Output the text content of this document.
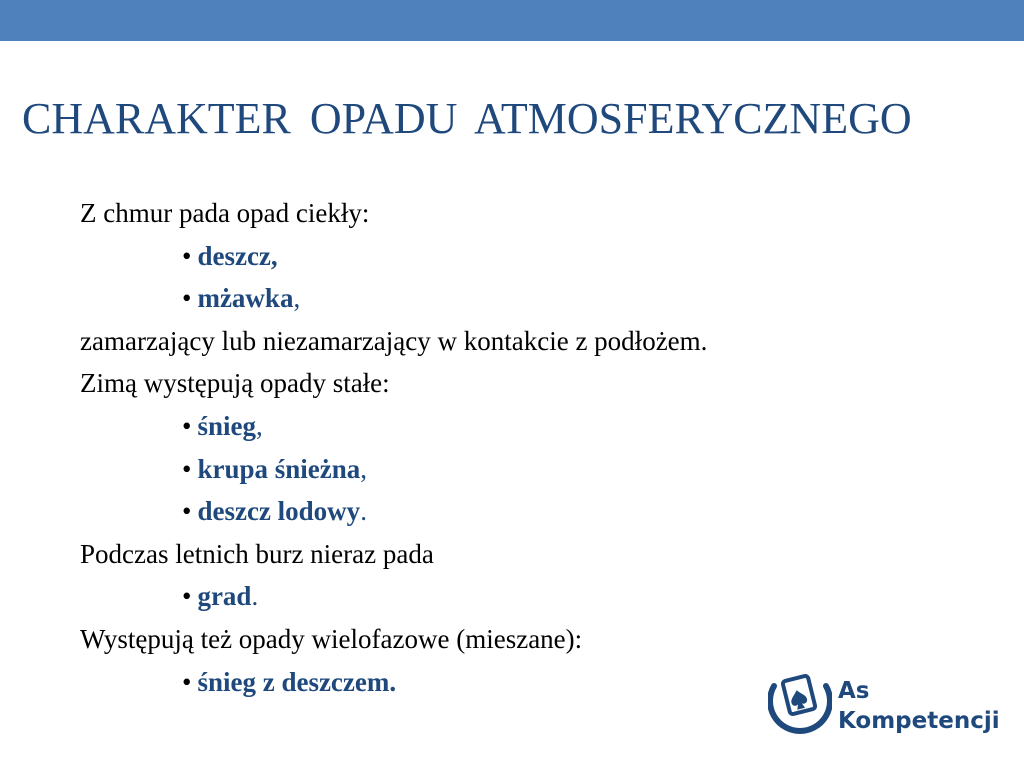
CHARAKTER OPADU ATMOSFERYCZNEGO
Z chmur pada opad ciekły:
• deszcz,
• mżawka,
zamarzający lub niezamarzający w kontakcie z podłożem.
Zimą występują opady stałe:
• śnieg,
• krupa śnieżna,
• deszcz lodowy.
Podczas letnich burz nieraz pada
• grad.
Występują też opady wielofazowe (mieszane):
• śnieg z deszczem.	As
Kompetencji
